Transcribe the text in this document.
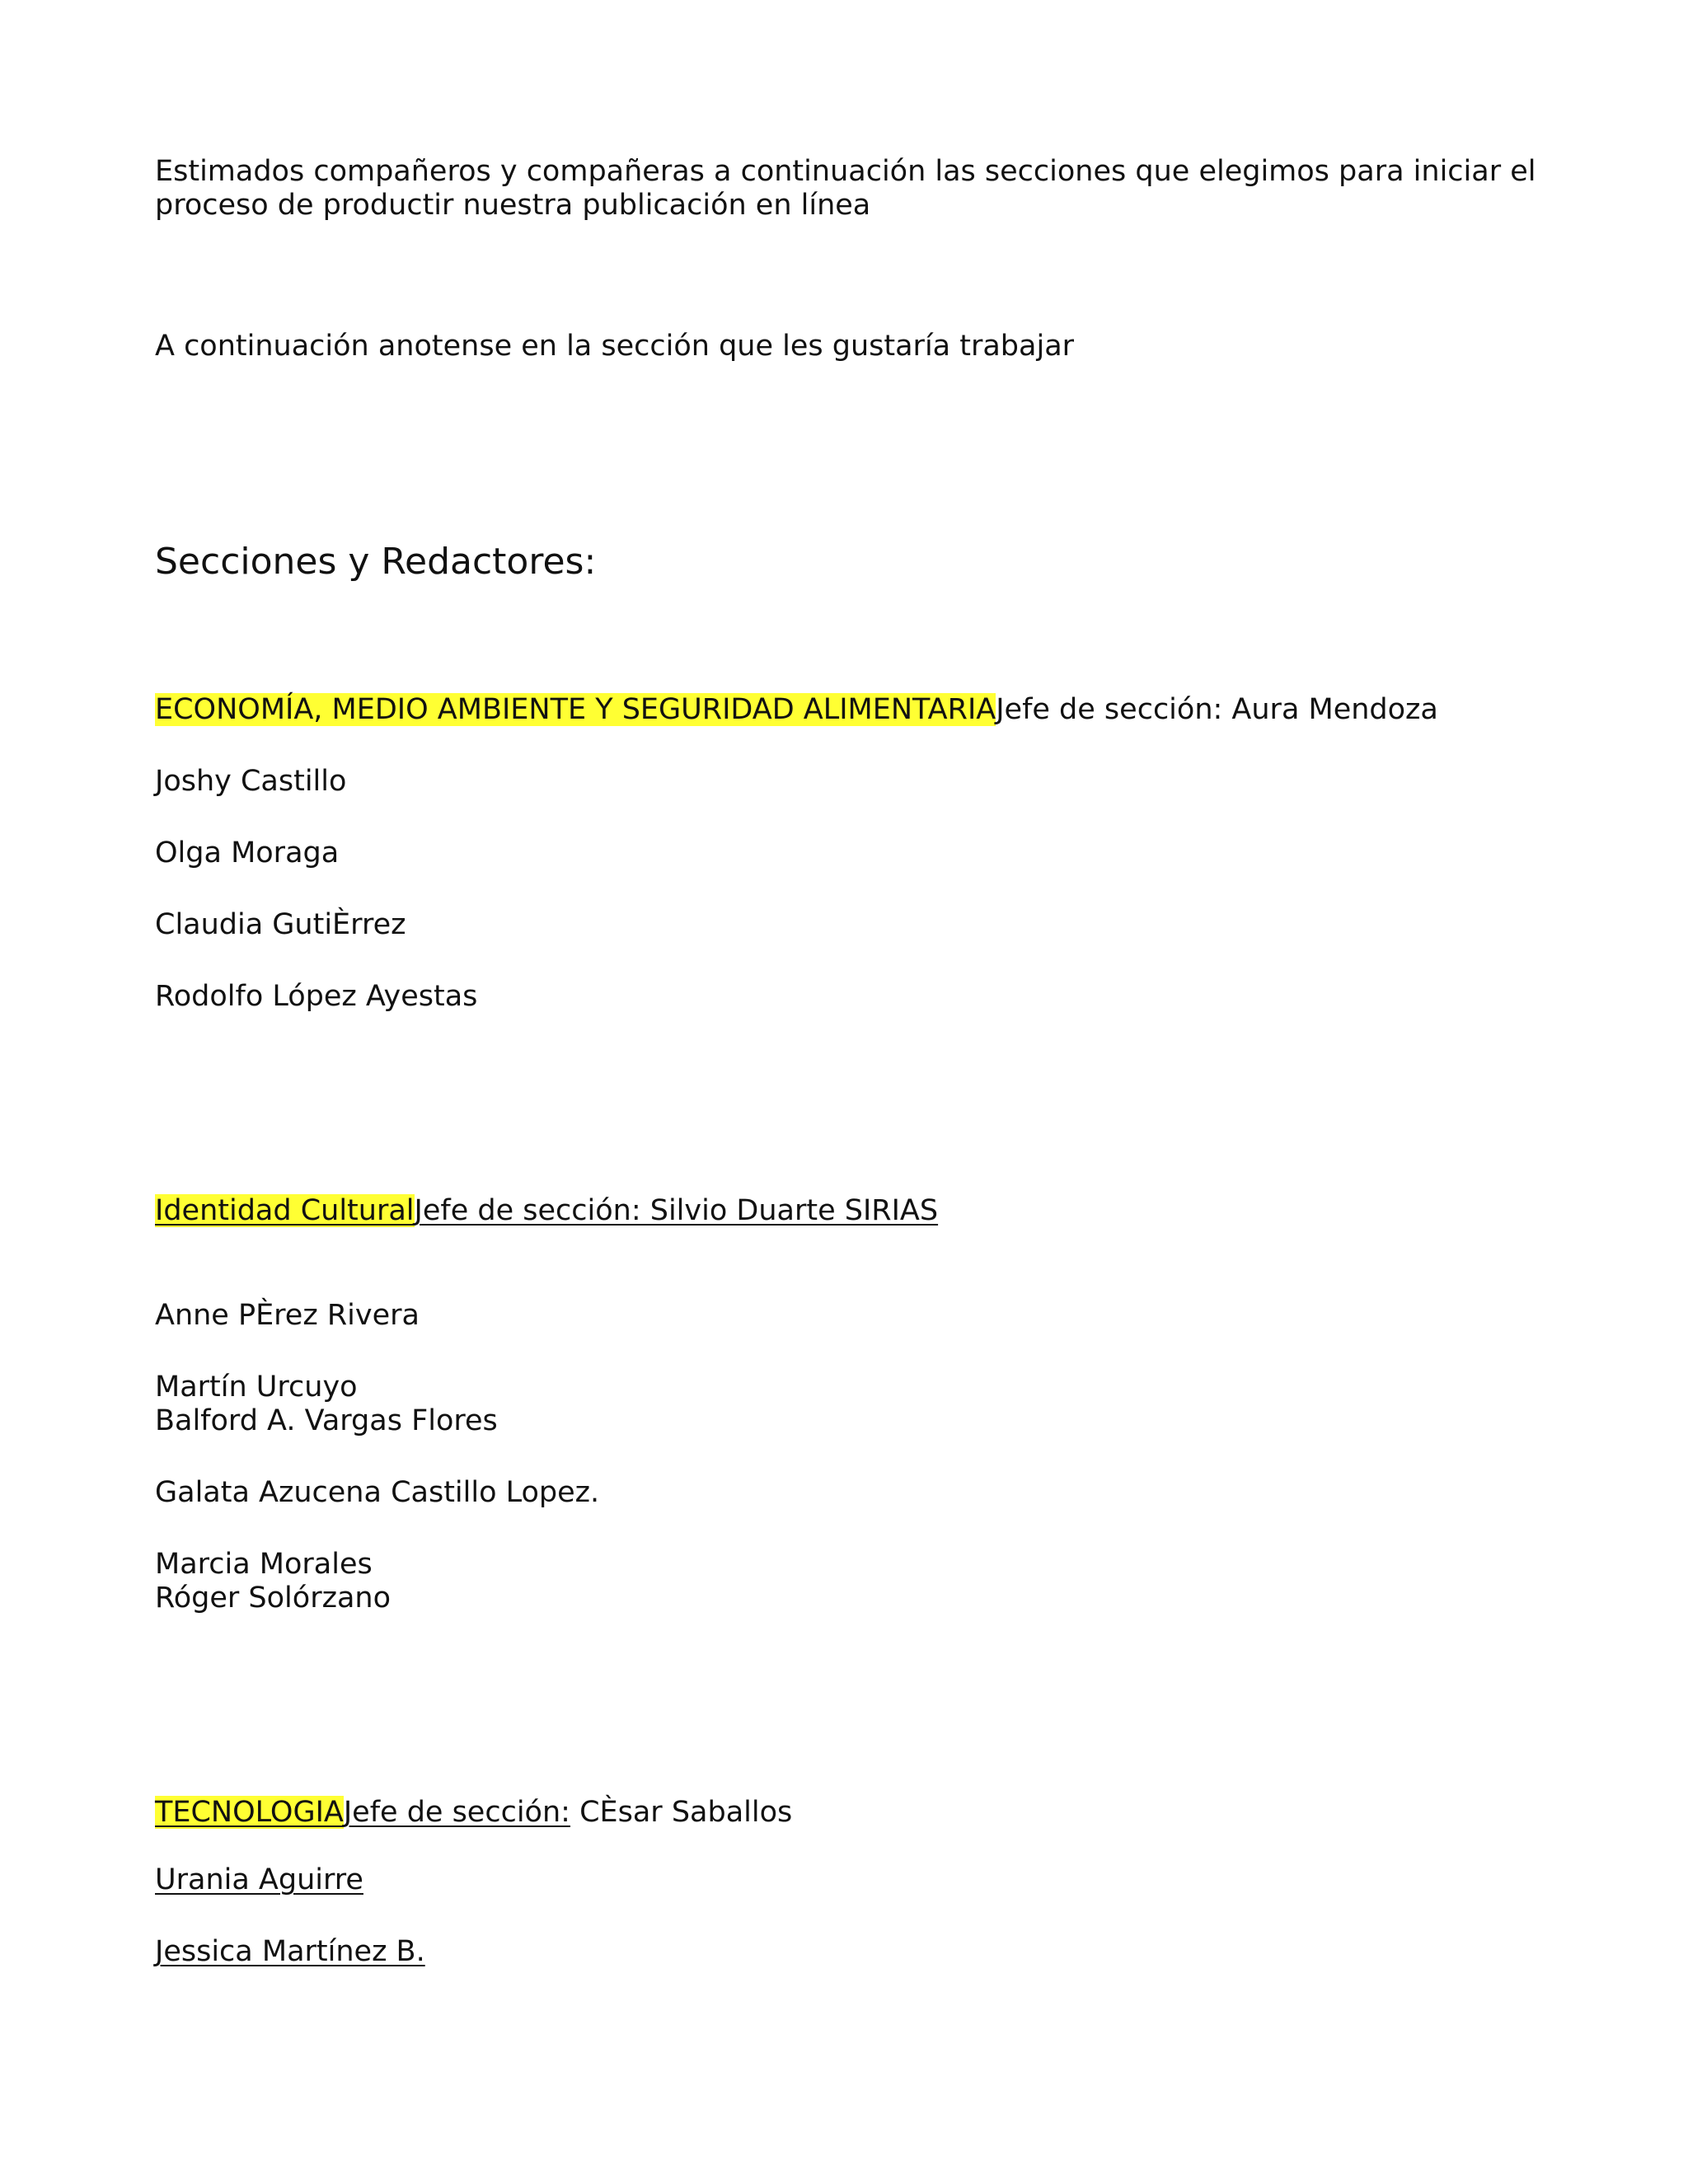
Estimados compañeros y compañeras a continuación las secciones que elegimos para iniciar el
proceso de productir nuestra publicación en línea
A continuación anotense en la sección que les gustaría trabajar
Secciones y Redactores:
ECONOMÍA, MEDIO AMBIENTE Y SEGURIDAD ALIMENTARIAJefe de sección: Aura Mendoza
Joshy Castillo
Olga Moraga
Claudia GutiÈrrez
Rodolfo López Ayestas
Identidad CulturalJefe de sección: Silvio Duarte SIRIAS
Anne PÈrez Rivera
Martín Urcuyo
Balford A. Vargas Flores
Galata Azucena Castillo Lopez.
Marcia Morales
Róger Solórzano
TECNOLOGIAJefe de sección: CÈsar Saballos
Urania Aguirre
Jessica Martínez B.
